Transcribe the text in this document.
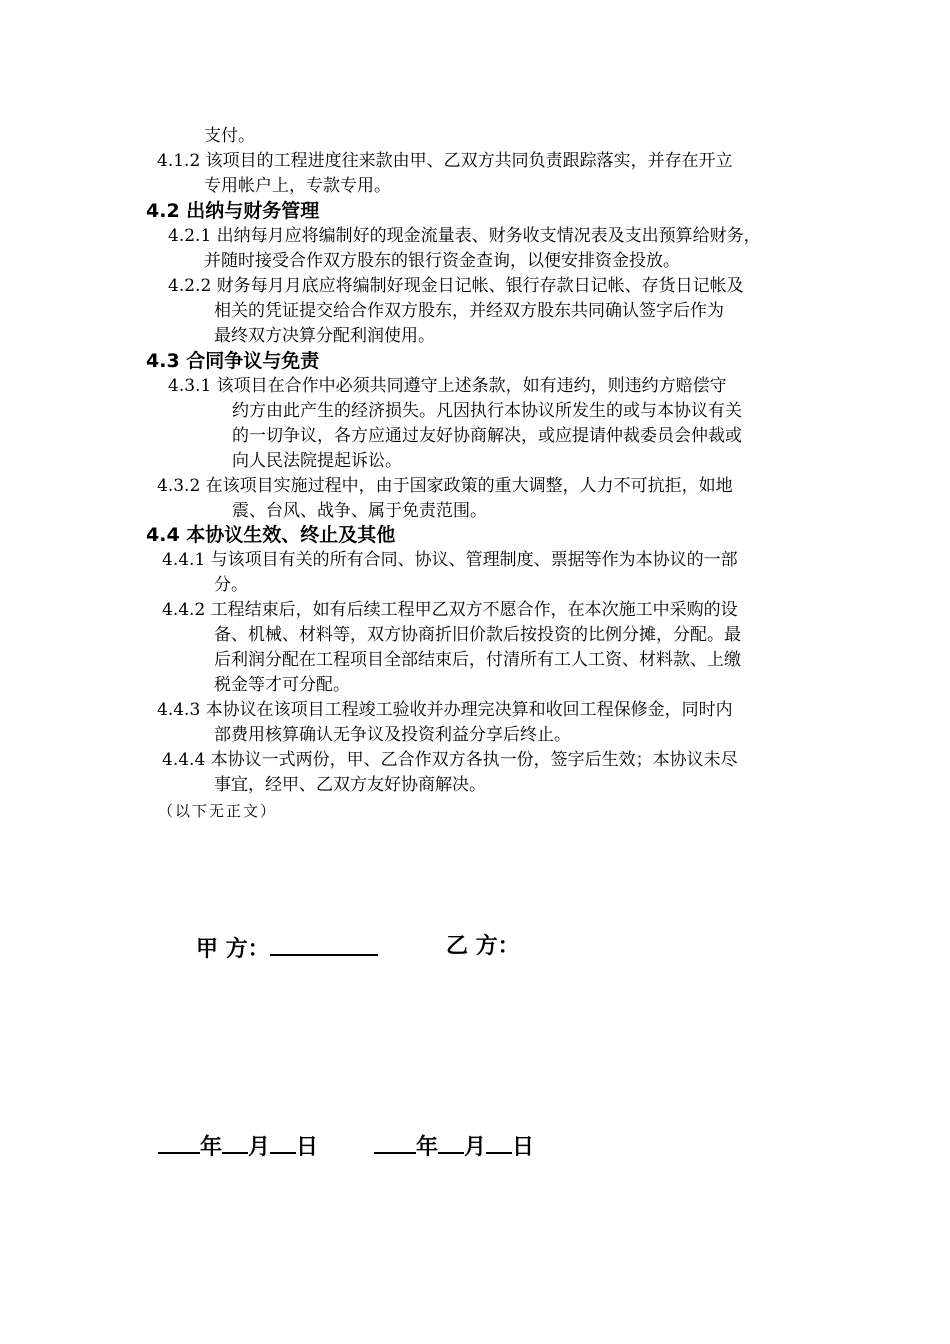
支付。
4.1.2 该项目的工程进度往来款由甲、乙双方共同负责跟踪落实，并存在开立
专用帐户上，专款专用。
4.2 出纳与财务管理
4.2.1 出纳每月应将编制好的现金流量表、财务收支情况表及支出预算给财务，
并随时接受合作双方股东的银行资金查询，以便安排资金投放。
4.2.2 财务每月月底应将编制好现金日记帐、银行存款日记帐、存货日记帐及
相关的凭证提交给合作双方股东，并经双方股东共同确认签字后作为
最终双方决算分配利润使用。
4.3 合同争议与免责
4.3.1 该项目在合作中必须共同遵守上述条款，如有违约，则违约方赔偿守
约方由此产生的经济损失。凡因执行本协议所发生的或与本协议有关
的一切争议，各方应通过友好协商解决，或应提请仲裁委员会仲裁或
向人民法院提起诉讼。
4.3.2 在该项目实施过程中，由于国家政策的重大调整，人力不可抗拒，如地
震、台风、战争、属于免责范围。
4.4 本协议生效、终止及其他
4.4.1 与该项目有关的所有合同、协议、管理制度、票据等作为本协议的一部
分。
4.4.2 工程结束后，如有后续工程甲乙双方不愿合作，在本次施工中采购的设
备、机械、材料等，双方协商折旧价款后按投资的比例分摊，分配。最
后利润分配在工程项目全部结束后，付清所有工人工资、材料款、上缴
税金等才可分配。
4.4.3 本协议在该项目工程竣工验收并办理完决算和收回工程保修金，同时内
部费用核算确认无争议及投资利益分享后终止。
4.4.4 本协议一式两份，甲、乙合作双方各执一份，签字后生效；本协议未尽
事宜，经甲、乙双方友好协商解决。
（以下无正文）
甲 方：	乙 方：
年 月 日	年 月 日
